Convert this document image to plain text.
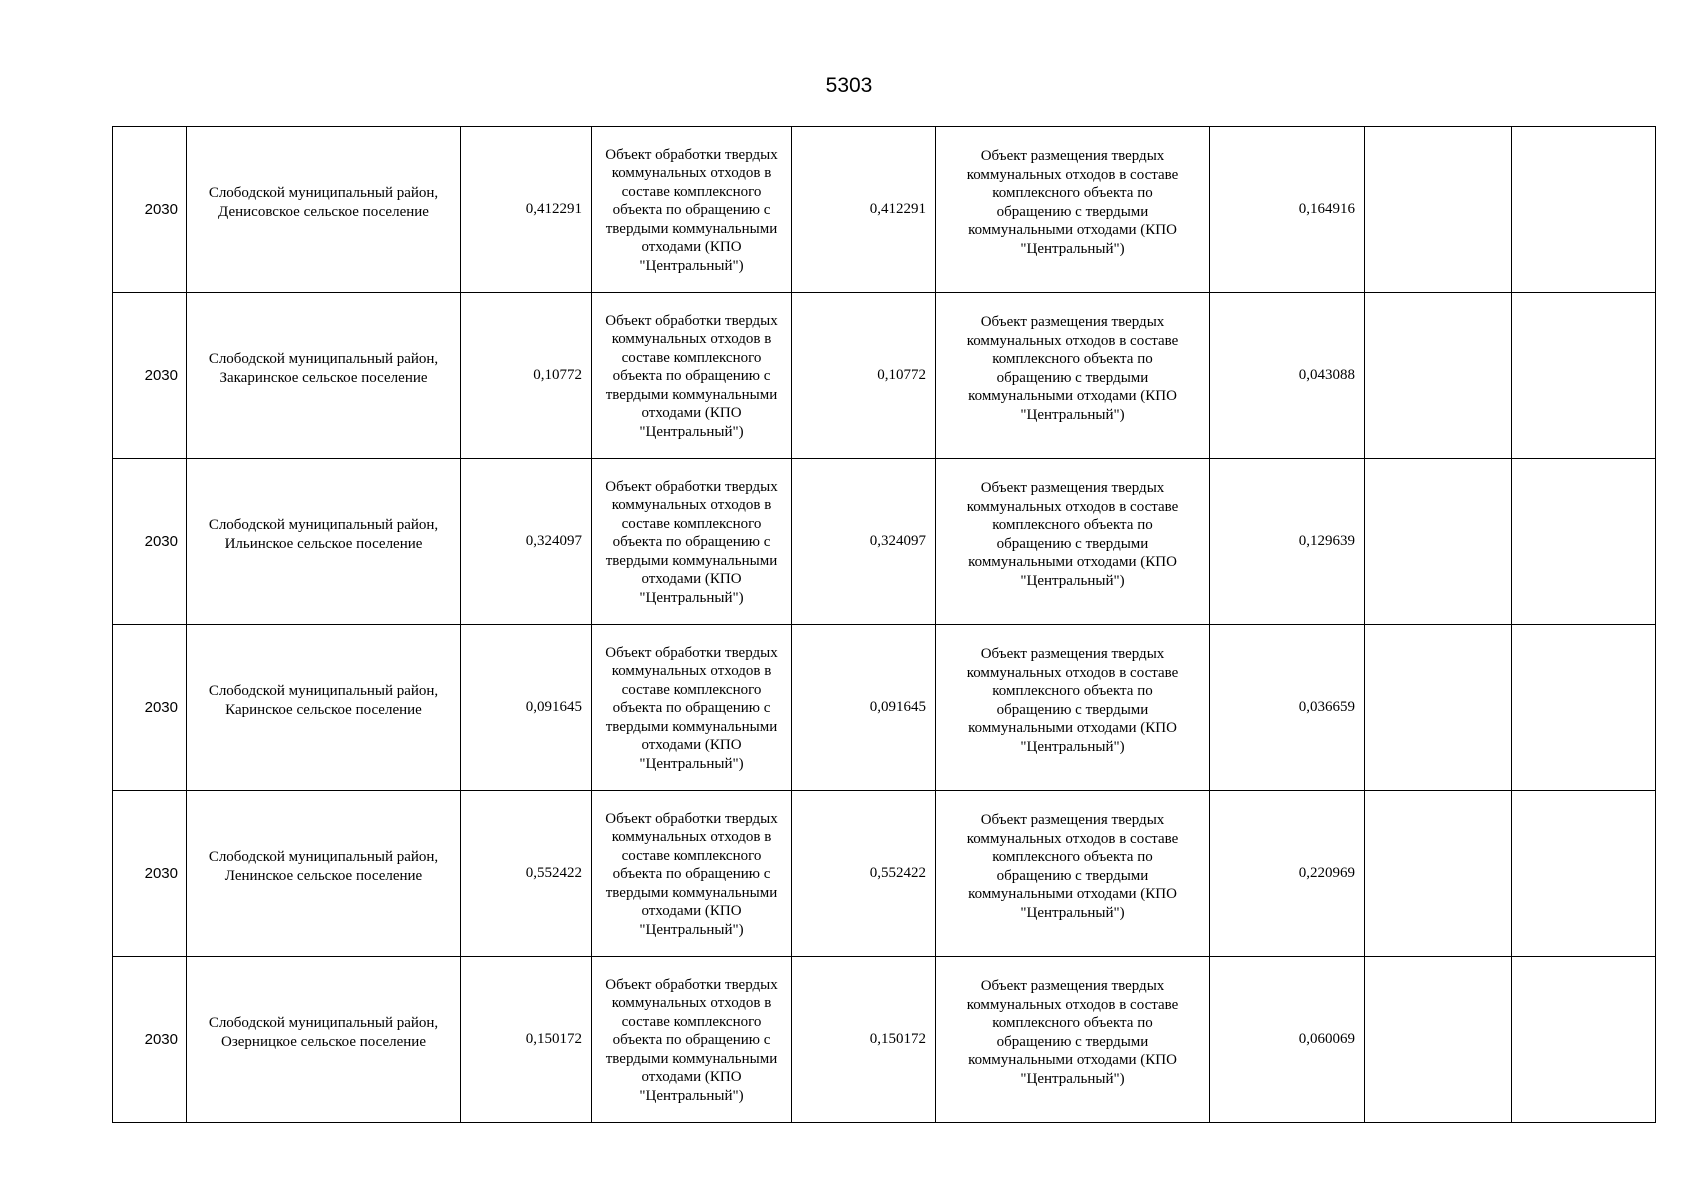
5303
2030	Слободской муниципальный район, Денисовское сельское поселение	0,412291	Объект обработки твердых коммунальных отходов в составе комплексного объекта по обращению с твердыми коммунальными отходами (КПО "Центральный")	0,412291	Объект размещения твердых коммунальных отходов в составе комплексного объекта по обращению с твердыми коммунальными отходами (КПО "Центральный")	0,164916		
2030	Слободской муниципальный район, Закаринское сельское поселение	0,10772	Объект обработки твердых коммунальных отходов в составе комплексного объекта по обращению с твердыми коммунальными отходами (КПО "Центральный")	0,10772	Объект размещения твердых коммунальных отходов в составе комплексного объекта по обращению с твердыми коммунальными отходами (КПО "Центральный")	0,043088		
2030	Слободской муниципальный район, Ильинское сельское поселение	0,324097	Объект обработки твердых коммунальных отходов в составе комплексного объекта по обращению с твердыми коммунальными отходами (КПО "Центральный")	0,324097	Объект размещения твердых коммунальных отходов в составе комплексного объекта по обращению с твердыми коммунальными отходами (КПО "Центральный")	0,129639		
2030	Слободской муниципальный район, Каринское сельское поселение	0,091645	Объект обработки твердых коммунальных отходов в составе комплексного объекта по обращению с твердыми коммунальными отходами (КПО "Центральный")	0,091645	Объект размещения твердых коммунальных отходов в составе комплексного объекта по обращению с твердыми коммунальными отходами (КПО "Центральный")	0,036659		
2030	Слободской муниципальный район, Ленинское сельское поселение	0,552422	Объект обработки твердых коммунальных отходов в составе комплексного объекта по обращению с твердыми коммунальными отходами (КПО "Центральный")	0,552422	Объект размещения твердых коммунальных отходов в составе комплексного объекта по обращению с твердыми коммунальными отходами (КПО "Центральный")	0,220969		
2030	Слободской муниципальный район, Озерницкое сельское поселение	0,150172	Объект обработки твердых коммунальных отходов в составе комплексного объекта по обращению с твердыми коммунальными отходами (КПО "Центральный")	0,150172	Объект размещения твердых коммунальных отходов в составе комплексного объекта по обращению с твердыми коммунальными отходами (КПО "Центральный")	0,060069		
